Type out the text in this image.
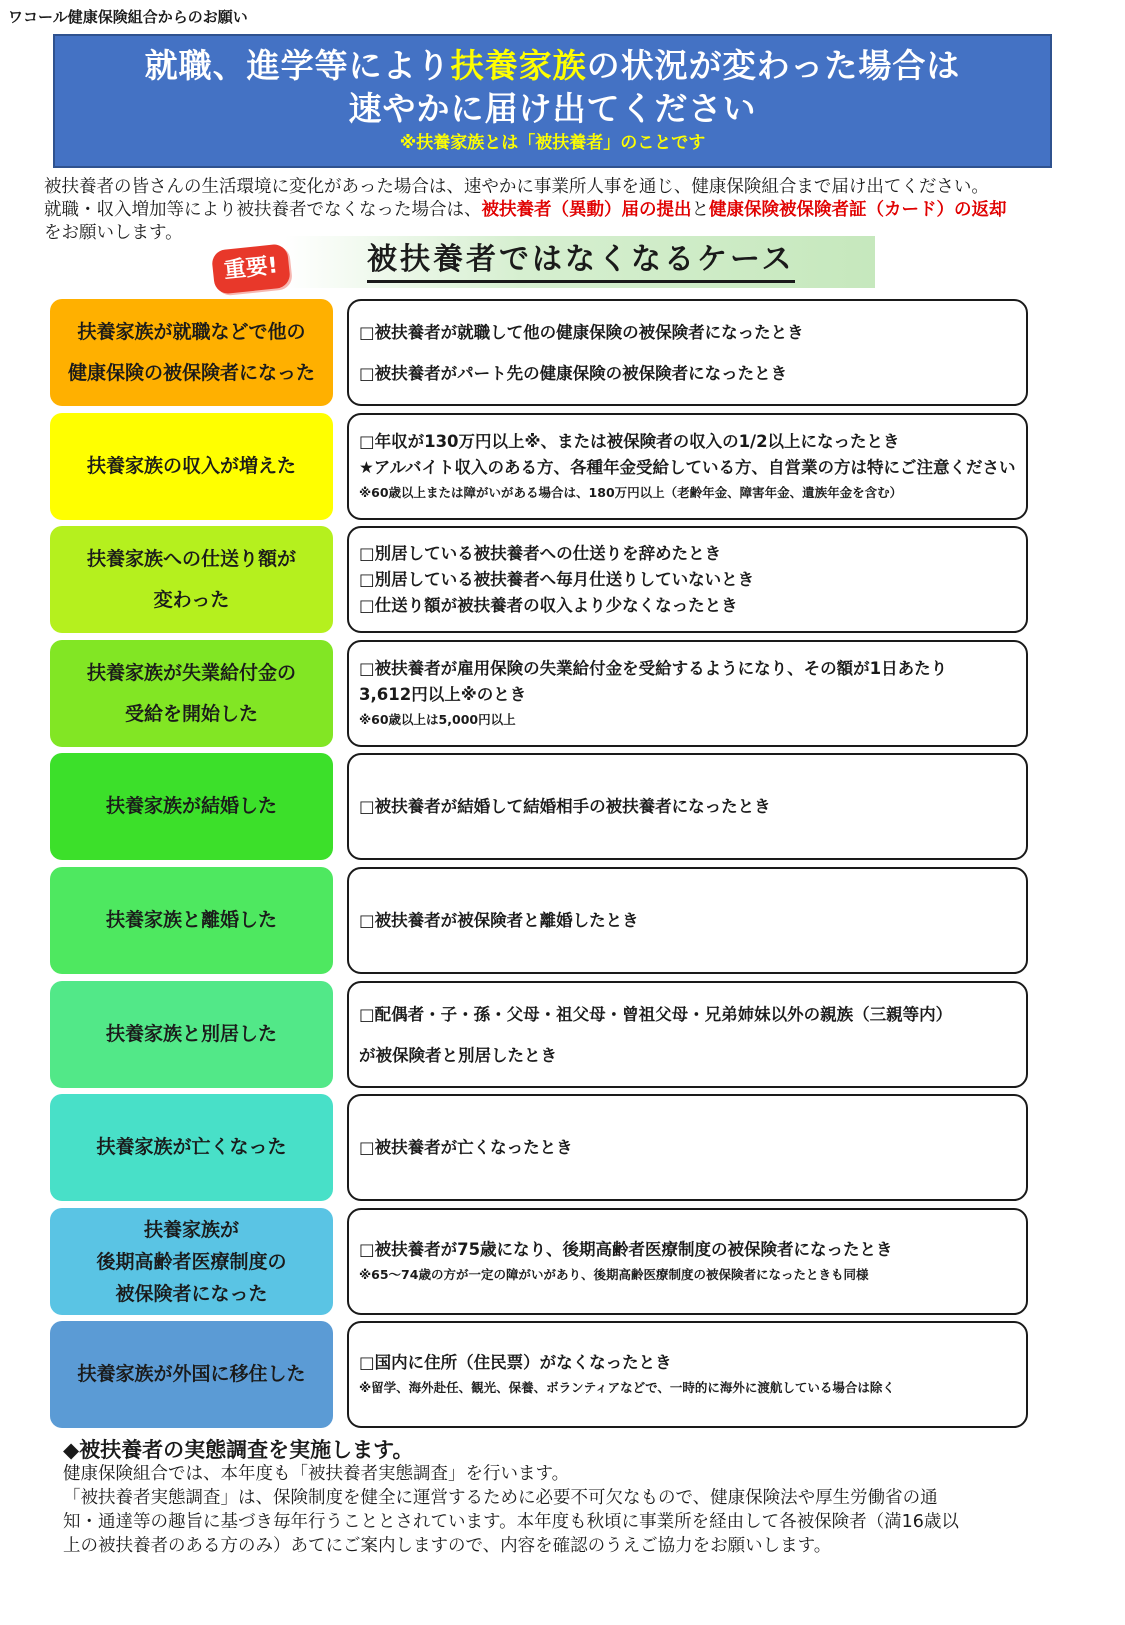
ワコール健康保険組合からのお願い
就職、進学等により扶養家族の状況が変わった場合は
速やかに届け出てください
※扶養家族とは「被扶養者」のことです
被扶養者の皆さんの生活環境に変化があった場合は、速やかに事業所人事を通じ、健康保険組合まで届け出てください。
就職・収入増加等により被扶養者でなくなった場合は、被扶養者（異動）届の提出と健康保険被保険者証（カード）の返却
をお願いします。
重要!	被扶養者ではなくなるケース
扶養家族が就職などで他の
健康保険の被保険者になった
□被扶養者が就職して他の健康保険の被保険者になったとき
□被扶養者がパート先の健康保険の被保険者になったとき
扶養家族の収入が増えた
□年収が130万円以上※、または被保険者の収入の1/2以上になったとき
★アルバイト収入のある方、各種年金受給している方、自営業の方は特にご注意ください
※60歳以上または障がいがある場合は、180万円以上（老齢年金、障害年金、遺族年金を含む）
扶養家族への仕送り額が
変わった
□別居している被扶養者への仕送りを辞めたとき
□別居している被扶養者へ毎月仕送りしていないとき
□仕送り額が被扶養者の収入より少なくなったとき
扶養家族が失業給付金の
受給を開始した
□被扶養者が雇用保険の失業給付金を受給するようになり、その額が1日あたり
3,612円以上※のとき
※60歳以上は5,000円以上
扶養家族が結婚した	□被扶養者が結婚して結婚相手の被扶養者になったとき
扶養家族と離婚した	□被扶養者が被保険者と離婚したとき
扶養家族と別居した
□配偶者・子・孫・父母・祖父母・曾祖父母・兄弟姉妹以外の親族（三親等内）
が被保険者と別居したとき
扶養家族が亡くなった	□被扶養者が亡くなったとき
扶養家族が
後期高齢者医療制度の
被保険者になった
□被扶養者が75歳になり、後期高齢者医療制度の被保険者になったとき
※65～74歳の方が一定の障がいがあり、後期高齢医療制度の被保険者になったときも同様
扶養家族が外国に移住した
□国内に住所（住民票）がなくなったとき
※留学、海外赴任、観光、保養、ボランティアなどで、一時的に海外に渡航している場合は除く
◆被扶養者の実態調査を実施します。
健康保険組合では、本年度も「被扶養者実態調査」を行います。
「被扶養者実態調査」は、保険制度を健全に運営するために必要不可欠なもので、健康保険法や厚生労働省の通
知・通達等の趣旨に基づき毎年行うこととされています。本年度も秋頃に事業所を経由して各被保険者（満16歳以
上の被扶養者のある方のみ）あてにご案内しますので、内容を確認のうえご協力をお願いします。
